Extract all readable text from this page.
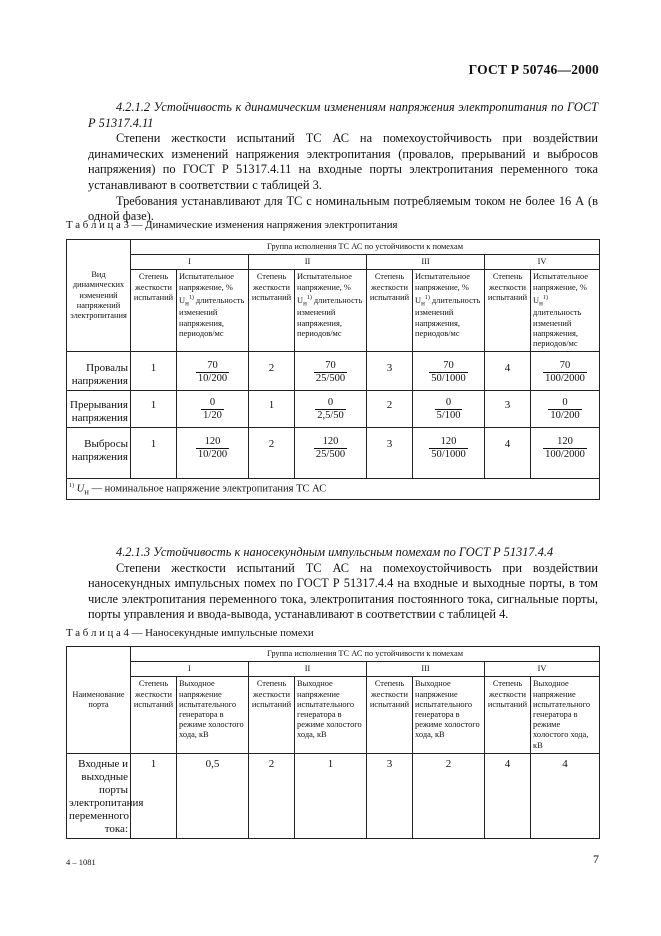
ГОСТ Р 50746—2000
4.2.1.2 Устойчивость к динамическим изменениям напряжения электропитания по ГОСТ Р 51317.4.11
Степени жесткости испытаний ТС АС на помехоустойчивость при воздействии динамических изменений напряжения электропитания (провалов, прерываний и выбросов напряжения) по ГОСТ Р 51317.4.11 на входные порты электропитания переменного тока устанавливают в соответствии с таблицей 3.
Требования устанавливают для ТС с номинальным потребляемым током не более 16 А (в одной фазе).
Т а б л и ц а 3 — Динамические изменения напряжения электропитания
Вид динамических изменений напряжений электропитания	Группа исполнения ТС АС по устойчивости к помехам							
	I		II		III		IV	
	Степень жесткости испытаний	Испытательное напряжение, % $U_н^{1)}$ длительность изменений напряжения, периодов/мс	Степень жесткости испытаний	Испытательное напряжение, % $U_н^{1)}$ длительность изменений напряжения, периодов/мс	Степень жесткости испытаний	Испытательное напряжение, % $U_н^{1)}$ длительность изменений напряжения, периодов/мс	Степень жесткости испытаний	Испытательное напряжение, % $U_н^{1)}$ длительность изменений напряжения, периодов/мс
Провалы напряжения	1	$\frac{70}{10/200}$	2	$\frac{70}{25/500}$	3	$\frac{70}{50/1000}$	4	$\frac{70}{100/2000}$

Прерывания напряжения	1	$\frac{0}{1/20}$	1	$\frac{0}{2,5/50}$	2	$\frac{0}{5/100}$	3	$\frac{0}{10/200}$

Выбросы напряжения	1	$\frac{120}{10/200}$	2	$\frac{120}{25/500}$	3	$\frac{120}{50/1000}$	4	$\frac{120}{100/2000}$

$^{1)}$ $U_н$ — номинальное напряжение электропитания ТС АС								
4.2.1.3 Устойчивость к наносекундным импульсным помехам по ГОСТ Р 51317.4.4
Степени жесткости испытаний ТС АС на помехоустойчивость при воздействии наносекундных импульсных помех по ГОСТ Р 51317.4.4 на входные и выходные порты, в том числе электропитания переменного тока, электропитания постоянного тока, сигнальные порты, порты управления и ввода-вывода, устанавливают в соответствии с таблицей 4.
Т а б л и ц а 4 — Наносекундные импульсные помехи
Наименование порта	Группа исполнения ТС АС по устойчивости к помехам							
	I		II		III		IV	
	Степень жесткости испытаний	Выходное напряжение испытательного генератора в режиме холостого хода, кВ	Степень жесткости испытаний	Выходное напряжение испытательного генератора в режиме холостого хода, кВ	Степень жесткости испытаний	Выходное напряжение испытательного генератора в режиме холостого хода, кВ	Степень жесткости испытаний	Выходное напряжение испытательного генератора в режиме холостого хода, кВ
Входные и выходные порты электропитания переменного тока:	1	0,5	2	1	3	2	4	4
4 – 1081	7
